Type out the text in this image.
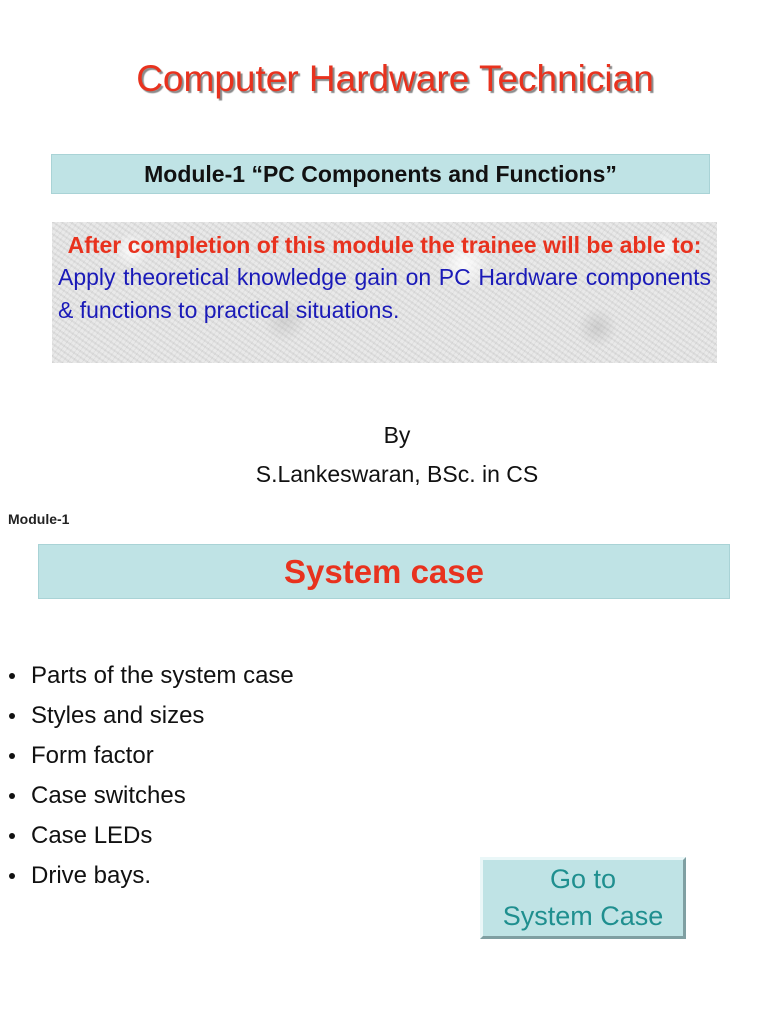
Computer Hardware Technician
Module-1 “PC Components and Functions”
After completion of this module the trainee will be able to:
Apply theoretical knowledge gain on PC Hardware components & functions to practical situations.
By
S.Lankeswaran, BSc. in CS
Module-1
System case
Parts of the system case
Styles and sizes
Form factor
Case switches
Case LEDs
Drive bays.	Go to
System Case
